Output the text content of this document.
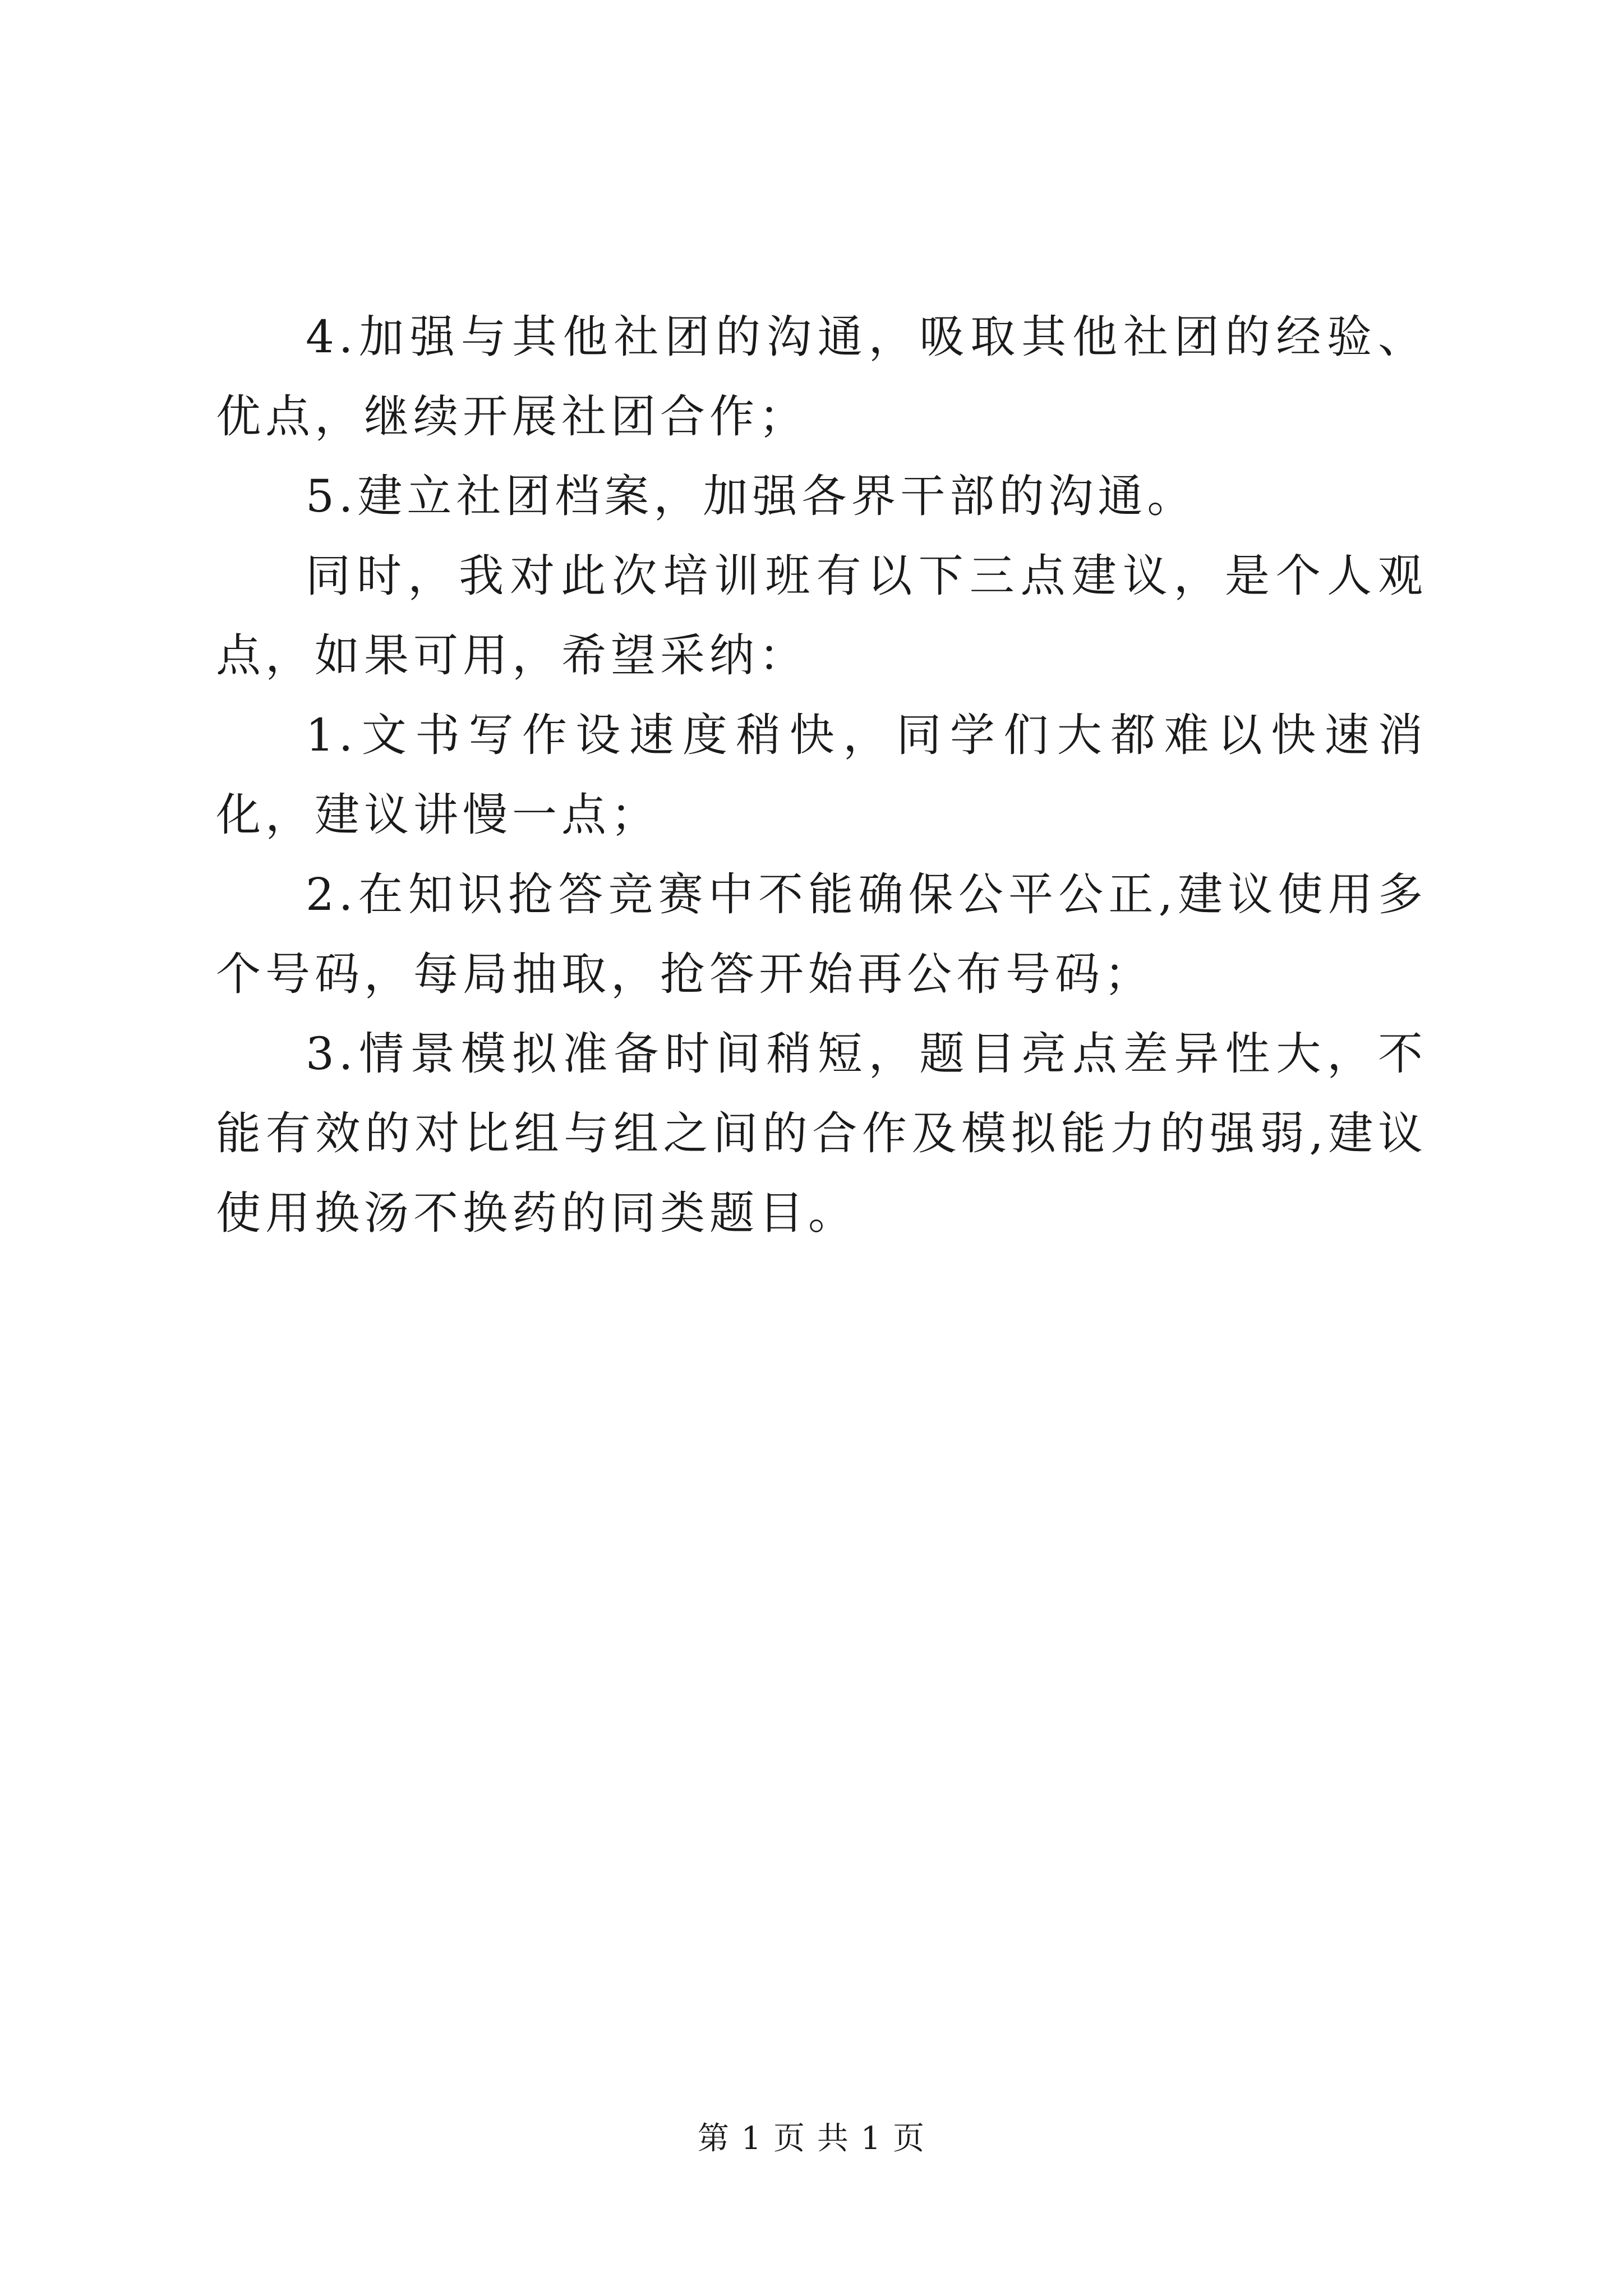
4.加强与其他社团的沟通，吸取其他社团的经验、优点，继续开展社团合作；

5.建立社团档案，加强各界干部的沟通。

同时，我对此次培训班有以下三点建议，是个人观点，如果可用，希望采纳：

1.文书写作设速度稍快，同学们大都难以快速消化，建议讲慢一点；

2.在知识抢答竞赛中不能确保公平公正,建议使用多个号码，每局抽取，抢答开始再公布号码；

3.情景模拟准备时间稍短，题目亮点差异性大，不能有效的对比组与组之间的合作及模拟能力的强弱,建议使用换汤不换药的同类题目。

第 1 页 共 1 页
